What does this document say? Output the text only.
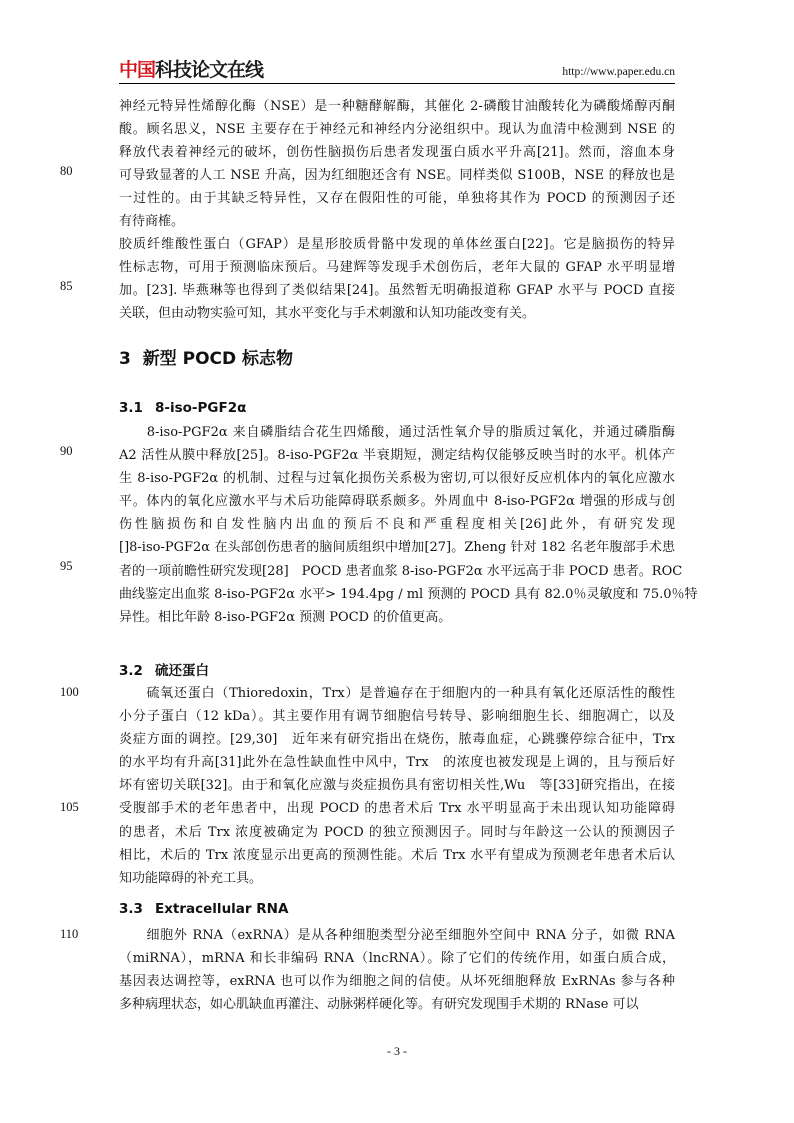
中国科技论文在线	http://www.paper.edu.cn
神经元特异性烯醇化酶（NSE）是一种糖酵解酶，其催化 2-磷酸甘油酸转化为磷酸烯醇丙酮
酸。顾名思义，NSE 主要存在于神经元和神经内分泌组织中。现认为血清中检测到 NSE 的
释放代表着神经元的破坏，创伤性脑损伤后患者发现蛋白质水平升高[21]。然而，溶血本身
可导致显著的人工 NSE 升高，因为红细胞还含有 NSE。同样类似 S100B，NSE 的释放也是
一过性的。由于其缺乏特异性，又存在假阳性的可能，单独将其作为 POCD 的预测因子还
有待商榷。
胶质纤维酸性蛋白（GFAP）是星形胶质骨骼中发现的单体丝蛋白[22]。它是脑损伤的特异
性标志物，可用于预测临床预后。马建辉等发现手术创伤后，老年大鼠的 GFAP 水平明显增
加。[23]. 毕燕琳等也得到了类似结果[24]。虽然暂无明确报道称 GFAP 水平与 POCD 直接
关联，但由动物实验可知，其水平变化与手术刺激和认知功能改变有关。
3 新型 POCD 标志物
3.1 8-iso-PGF2α
　　8-iso-PGF2α 来自磷脂结合花生四烯酸，通过活性氧介导的脂质过氧化，并通过磷脂酶
A2 活性从膜中释放[25]。8-iso-PGF2α 半衰期短，测定结构仅能够反映当时的水平。机体产
生 8-iso-PGF2α 的机制、过程与过氧化损伤关系极为密切,可以很好反应机体内的氧化应激水
平。体内的氧化应激水平与术后功能障碍联系颇多。外周血中 8-iso-PGF2α 增强的形成与创
伤性脑损伤和自发性脑内出血的预后不良和严重程度相关[26]此外，有研究发现
[]8-iso-PGF2α 在头部创伤患者的脑间质组织中增加[27]。Zheng 针对 182 名老年腹部手术患
者的一项前瞻性研究发现[28]　POCD 患者血浆 8-iso-PGF2α 水平远高于非 POCD 患者。ROC
曲线鉴定出血浆 8-iso-PGF2α 水平> 194.4pg / ml 预测的 POCD 具有 82.0％灵敏度和 75.0％特
异性。相比年龄 8-iso-PGF2α 预测 POCD 的价值更高。
3.2 硫还蛋白
　　硫氧还蛋白（Thioredoxin，Trx）是普遍存在于细胞内的一种具有氧化还原活性的酸性
小分子蛋白（12 kDa）。其主要作用有调节细胞信号转导、影响细胞生长、细胞凋亡，以及
炎症方面的调控。[29,30]　近年来有研究指出在烧伤，脓毒血症，心跳骤停综合征中，Trx
的水平均有升高[31]此外在急性缺血性中风中，Trx　的浓度也被发现是上调的，且与预后好
坏有密切关联[32]。由于和氧化应激与炎症损伤具有密切相关性,Wu　等[33]研究指出，在接
受腹部手术的老年患者中，出现 POCD 的患者术后 Trx 水平明显高于未出现认知功能障碍
的患者，术后 Trx 浓度被确定为 POCD 的独立预测因子。同时与年龄这一公认的预测因子
相比，术后的 Trx 浓度显示出更高的预测性能。术后 Trx 水平有望成为预测老年患者术后认
知功能障碍的补充工具。
3.3 Extracellular RNA
　　细胞外 RNA（exRNA）是从各种细胞类型分泌至细胞外空间中 RNA 分子，如微 RNA
（miRNA），mRNA 和长非编码 RNA（lncRNA）。除了它们的传统作用，如蛋白质合成，
基因表达调控等，exRNA 也可以作为细胞之间的信使。从坏死细胞释放 ExRNAs 参与各种
多种病理状态，如心肌缺血再灌注、动脉粥样硬化等。有研究发现围手术期的 RNase 可以
80
85
90
95
100
105
110
- 3 -
